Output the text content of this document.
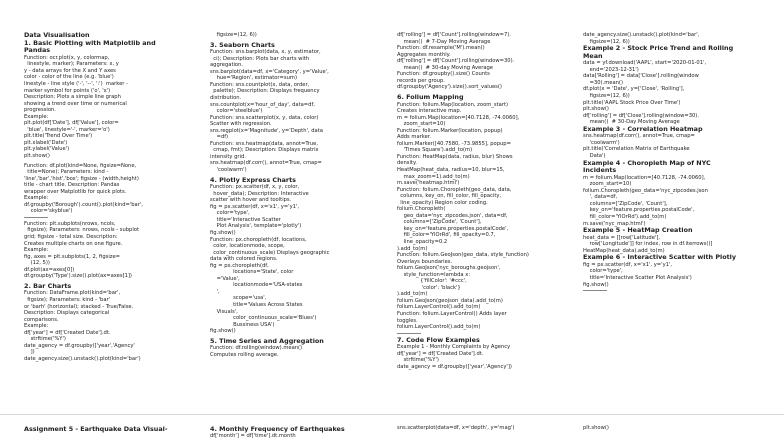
Data Visualisation
1. Basic Plotting with Matplotlib and
Pandas
Function: ocr.plot(x, y, colormap,
linestyle, marker); Parameters: x, y
y - data arrays for the X and Y axes
color - color of the line (e.g. 'blue')
linestyle - line style ('-', '--', ':')  marker -
marker symbol for points ('o', 'x')
Description: Plots a simple line graph
showing a trend over time or numerical
progression.
Example:
plt.plot(df['Date'], df['Value'], color=
'blue', linestyle='-', marker='o')
plt.title('Trend Over Time')
plt.xlabel('Date')
plt.ylabel('Value')
plt.show()
Function: df.plot(kind=None, figsize=None,
title=None); Parameters: kind -
'line','bar','hist','box'; figsize - (width,height)
title - chart title. Description: Pandas
wrapper over Matplotlib for quick plots.
Example:
df.groupby('Borough').count().plot(kind='bar',
color='skyblue')
Function: plt.subplots(nrows, ncols,
figsize); Parameters: nrows, ncols - subplot
grid; figsize - total size. Description:
Creates multiple charts on one figure.
Example:
fig, axes = plt.subplots(1, 2, figsize=
(12, 5))
df.plot(ax=axes[0])
df.groupby('Type').size().plot(ax=axes[1])
2. Bar Charts
Function: DataFrame.plot(kind='bar',
figsize); Parameters: kind - 'bar'
or 'barh' (horizontal); stacked - True/False.
Description: Displays categorical
comparisons.
Example:
df['year'] = df['Created Date'].dt.
strftime('%Y')
date_agency = df.groupby(['year','Agency'
])
date_agency.size().unstack().plot(kind='bar')
figsize=(12, 6))
3. Seaborn Charts
Function: sns.barplot(data, x, y, estimator,
ci); Description: Plots bar charts with
aggregation.
sns.barplot(data=df, x='Category', y='Value',
hue='Region', estimator=sum)
Function: sns.countplot(x, data, order,
palette); Description: Displays frequency
distribution.
sns.countplot(x='hour_of_day', data=df,
color='steelblue')
Function: sns.scatterplot(x, y, data, color)
Scatter with regression.
sns.regplot(x='Magnitude', y='Depth', data
=df)
Function: sns.heatmap(data, annot=True,
cmap, fmt); Description: Displays matrix
intensity grid.
sns.heatmap(df.corr(), annot=True, cmap=
'coolwarm')
4. Plotly Express Charts
Function: px.scatter(df, x, y, color,
hover_data); Description: Interactive
scatter with hover and tooltips.
fig = px.scatter(df, x='x1', y='y1',
color='type',
title='Interactive Scatter
Plot Analysis', template='plotly')
fig.show()
Function: px.choropleth(df, locations,
color, locationmode, scope,
color_continuous_scale) Displays geographic
data with colored regions.
fig = px.choropleth(df,
locations='State', color
='Value',
locationmode='USA-states
',
scope='usa',
title='Values Across States
Visuals',
color_continuous_scale='Blues')
Bussiness USA')
fig.show()
5. Time Series and Aggregation
Function: df.rolling(window).mean()
Computes rolling average.
df['rolling'] = df['Count'].rolling(window=7).
mean()  # 7-Day Moving Average
Function: df.resample('M').mean()
Aggregates monthly.
df['rolling'] = df['Count'].rolling(window=30).
mean()  # 30-day Moving Average
Function: df.groupby().size() Counts
records per group.
df.groupby('Agency').size().sort_values()
6. Folium Mapping
Function: folium.Map(location, zoom_start)
Creates interactive map.
m = folium.Map(location=[40.7128, -74.0060],
zoom_start=10)
Function: folium.Marker(location, popup)
Adds marker.
folium.Marker([40.7580, -73.9855], popup=
'Times Square').add_to(m)
Function: HeatMap(data, radius, blur) Shows
density.
HeatMap(heat_data, radius=10, blur=15,
max_zoom=1).add_to(m)
m.save('heatmap.html')
Function: folium.Choropleth(geo_data, data,
columns, key_on, fill_color, fill_opacity,
line_opacity) Region color coding.
folium.Choropleth(
geo_data='nyc_zipcodes.json', data=df,
columns=['ZipCode', 'Count'],
key_on='feature.properties.postalCode',
fill_color='YlOrRd', fill_opacity=0.7,
line_opacity=0.2
).add_to(m)
Function: folium.GeoJson(geo_data, style_function)
Overlays boundaries.
folium.GeoJson('nyc_boroughs.geojson',
style_function=lambda x:
{'fillColor': '#ccc',
'color': 'black'}
).add_to(m)
folium.GeoJson(geojson_data).add_to(m)
folium.LayerControl().add_to(m)
Function: folium.LayerControl() Adds layer
toggles.
folium.LayerControl().add_to(m)
7. Code Flow Examples
Example 1 - Monthly Complaints by Agency
df['year'] = df['Created Date'].dt.
strftime('%Y')
date_agency = df.groupby(['year','Agency'])
date_agency.size().unstack().plot(kind='bar',
figsize=(12, 6))
Example 2 - Stock Price Trend and Rolling
Mean
data = yf.download('AAPL', start='2020-01-01',
end='2023-12-31')
data['Rolling'] = data['Close'].rolling(window
=30).mean()
df.plot(x = 'Date', y=['Close', 'Rolling'],
figsize=(12, 6))
plt.title('AAPL Stock Price Over Time')
plt.show()
df['rolling'] = df['Close'].rolling(window=30).
mean()  # 30-Day Moving Average
Example 3 - Correlation Heatmap
sns.heatmap(df.corr(), annot=True, cmap=
'coolwarm')
plt.title('Correlation Matrix of Earthquake
Data')
Example 4 - Choropleth Map of NYC
Incidents
m = folium.Map(location=[40.7128, -74.0060],
zoom_start=10)
folium.Choropleth(geo_data='nyc_zipcodes.json
', data=df,
columns=['ZipCode', 'Count'],
key_on='feature.properties.postalCode',
fill_color='YlOrRd').add_to(m)
m.save('nyc_map.html')
Example 5 - HeatMap Creation
heat_data = [[row['Latitude'],
row['Longitude']] for index, row in df.iterrows()]
HeatMap(heat_data).add_to(m)
Example 6 - Interactive Scatter with Plotly
fig = px.scatter(df, x='x1', y='y1',
color='type',
title='Interactive Scatter Plot Analysis')
fig.show()
Assignment 5 - Earthquake Data Visual-	4. Monthly Frequency of Earthquakes
df['month'] = df['time'].dt.month
sns.scatterplot(data=df, x='depth', y='mag')	plt.show()
